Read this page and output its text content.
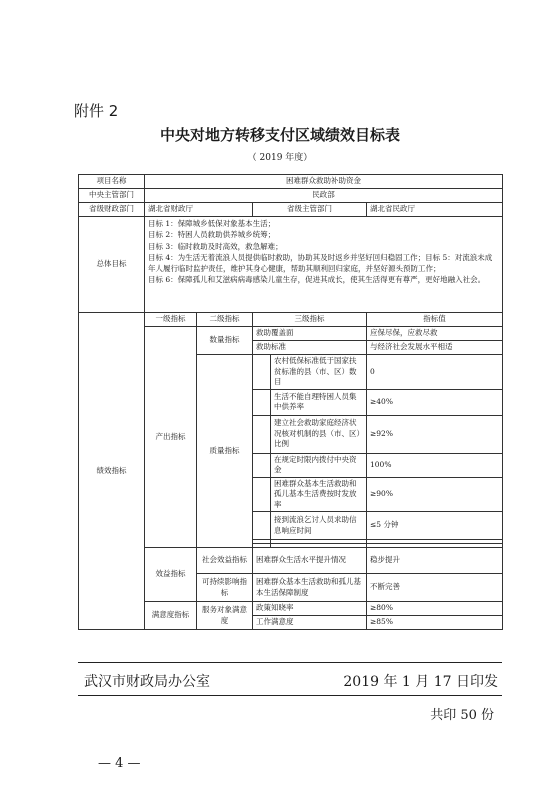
附件 2
中央对地方转移支付区域绩效目标表
（ 2019 年度）
项目名称	困难群众救助补助资金				
中央主管部门	民政部				
省级财政部门	湖北省财政厅		省级主管部门		湖北省民政厅
总体目标	目标 1：保障城乡低保对象基本生活；
目标 2：特困人员救助供养城乡统筹；
目标 3：临时救助及时高效，救急解难；
目标 4：为生活无着流浪人员提供临时救助，协助其及时返乡并坚好回归稳固工作；目标 5：对流浪未成年人履行临时监护责任，维护其身心健康，帮助其顺利回归家庭，并坚好源头预防工作；
目标 6：保障孤儿和艾滋病病毒感染儿童生存，促进其成长，使其生活得更有尊严，更好地融入社会。				

绩效指标	一级指标	二级指标	三级指标		指标值
	产出指标	数量指标	救助覆盖面		应保尽保，应救尽救
			救助标准		与经济社会发展水平相适
		质量指标		农村低保标准低于国家扶贫标准的县（市、区）数目	0
				生活不能自理特困人员集中供养率	≥40%
				建立社会救助家庭经济状况核对机制的县（市、区）比例	≥92%
				在规定时限内拨付中央资金	100%
				困难群众基本生活救助和孤儿基本生活费按时发放率	≥90%
				接到流浪乞讨人员求助信息响应时间	≤5 分钟

	效益指标	社会效益指标	困难群众生活水平提升情况		稳步提升
		可持续影响指标	困难群众基本生活救助和孤儿基本生活保障制度		不断完善
	满意度指标	服务对象满意度	政策知晓率		≥80%
			工作满意度		≥85%
武汉市财政局办公室	2019 年 1 月 17 日印发
共印 50 份
— 4 —
